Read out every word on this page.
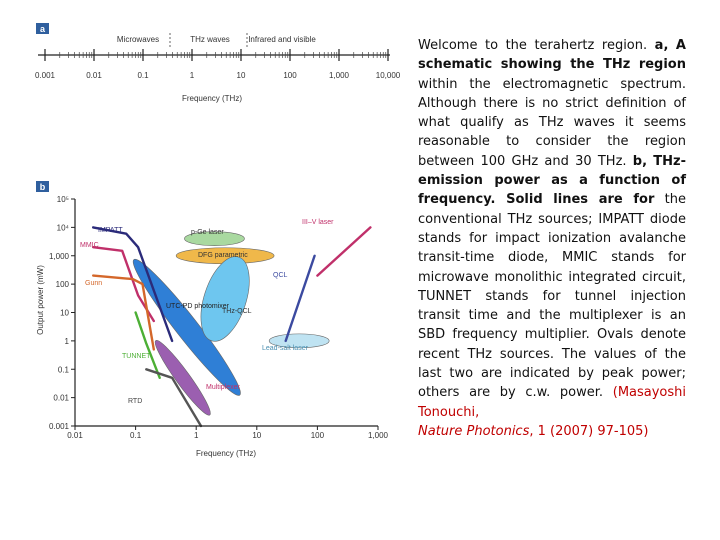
a
Microwaves	THz waves Infrared and visible
0.001	0.01	0.1	1	10	100	1,000	10,000
Frequency (THz)
b
0.01	0.1	1	10	100	1,000
0.001
0.01
0.1
1
10
100
1,000
10⁴
10⁵
IMPATT
MMIC
Gunn
TUNNET
RTD
Multiplexer
p-Ge laser
DFG parametric
THz-QCL
III–V laser
QCL
Lead-salt laser
UTC-PD photomixer
Output power (mW)
Frequency (THz)
Welcome to the terahertz region. a, A schematic showing the THz region within the electromagnetic spectrum. Although there is no strict definition of what qualify as THz waves it seems reasonable to consider the region between 100 GHz and 30 THz. b, THz-emission power as a function of frequency. Solid lines are for the conventional THz sources; IMPATT diode stands for impact ionization avalanche transit-time diode, MMIC stands for microwave monolithic integrated circuit, TUNNET stands for tunnel injection transit time and the multiplexer is an SBD frequency multiplier. Ovals denote recent THz sources. The values of the last two are indicated by peak power; others are by c.w. power. (Masayoshi Tonouchi,
Nature Photonics, 1 (2007) 97-105)
